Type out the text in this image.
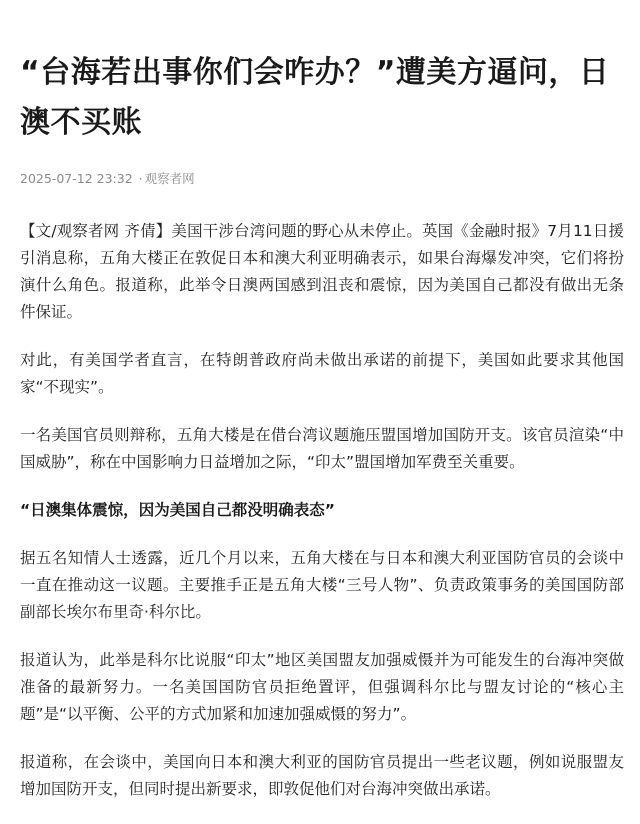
“台海若出事你们会咋办？”遭美方逼问，日澳不买账
2025-07-12 23:32 · 观察者网

【文/观察者网 齐倩】美国干涉台湾问题的野心从未停止。英国《金融时报》7月11日援引消息称，五角大楼正在敦促日本和澳大利亚明确表示，如果台海爆发冲突，它们将扮演什么角色。报道称，此举令日澳两国感到沮丧和震惊，因为美国自己都没有做出无条件保证。

对此，有美国学者直言，在特朗普政府尚未做出承诺的前提下，美国如此要求其他国家“不现实”。

一名美国官员则辩称，五角大楼是在借台湾议题施压盟国增加国防开支。该官员渲染“中国威胁”，称在中国影响力日益增加之际，“印太”盟国增加军费至关重要。

“日澳集体震惊，因为美国自己都没明确表态”

据五名知情人士透露，近几个月以来，五角大楼在与日本和澳大利亚国防官员的会谈中一直在推动这一议题。主要推手正是五角大楼“三号人物”、负责政策事务的美国国防部副部长埃尔布里奇·科尔比。

报道认为，此举是科尔比说服“印太”地区美国盟友加强威慑并为可能发生的台海冲突做准备的最新努力。一名美国国防官员拒绝置评，但强调科尔比与盟友讨论的“核心主题”是“以平衡、公平的方式加紧和加速加强威慑的努力”。

报道称，在会谈中，美国向日本和澳大利亚的国防官员提出一些老议题，例如说服盟友增加国防开支，但同时提出新要求，即敦促他们对台海冲突做出承诺。
